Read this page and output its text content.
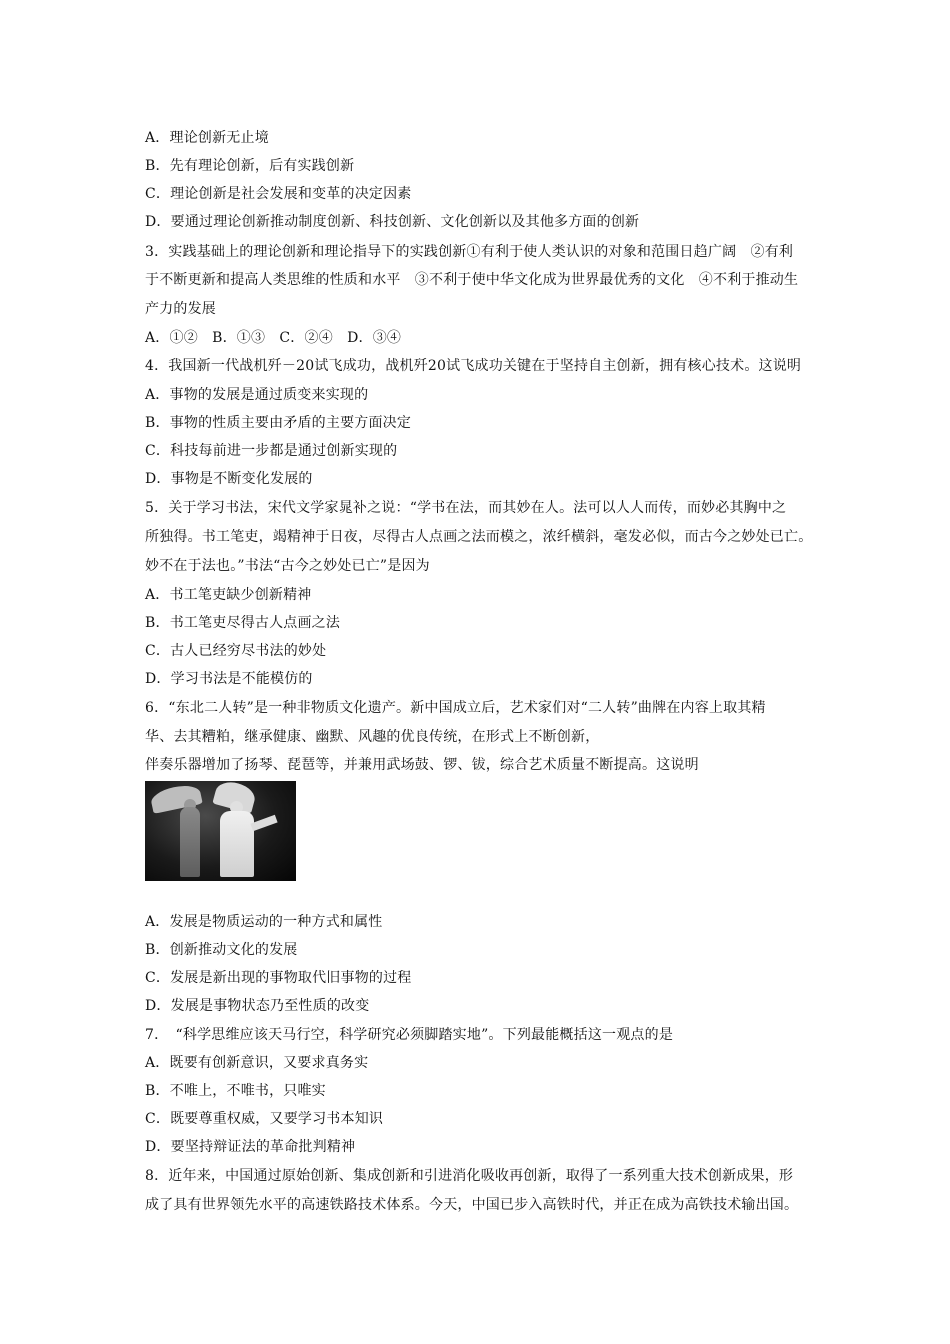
A．理论创新无止境
B．先有理论创新，后有实践创新
C．理论创新是社会发展和变革的决定因素
D．要通过理论创新推动制度创新、科技创新、文化创新以及其他多方面的创新
3．实践基础上的理论创新和理论指导下的实践创新①有利于使人类认识的对象和范围日趋广阔　②有利
于不断更新和提高人类思维的性质和水平　③不利于使中华文化成为世界最优秀的文化　④不利于推动生
产力的发展
A．①②　B．①③　C．②④　D．③④
4．我国新一代战机歼－20试飞成功，战机歼20试飞成功关键在于坚持自主创新，拥有核心技术。这说明
A．事物的发展是通过质变来实现的
B．事物的性质主要由矛盾的主要方面决定
C．科技每前进一步都是通过创新实现的
D．事物是不断变化发展的
5．关于学习书法，宋代文学家晁补之说：“学书在法，而其妙在人。法可以人人而传，而妙必其胸中之
所独得。书工笔吏，竭精神于日夜，尽得古人点画之法而模之，浓纤横斜，毫发必似，而古今之妙处已亡。
妙不在于法也。”书法“古今之妙处已亡”是因为
A．书工笔吏缺少创新精神
B．书工笔吏尽得古人点画之法
C．古人已经穷尽书法的妙处
D．学习书法是不能模仿的
6．“东北二人转”是一种非物质文化遗产。新中国成立后，艺术家们对“二人转”曲牌在内容上取其精
华、去其糟粕，继承健康、幽默、风趣的优良传统，在形式上不断创新，
伴奏乐器增加了扬琴、琵琶等，并兼用武场鼓、锣、钹，综合艺术质量不断提高。这说明
A．发展是物质运动的一种方式和属性
B．创新推动文化的发展
C．发展是新出现的事物取代旧事物的过程
D．发展是事物状态乃至性质的改变
7．　“科学思维应该天马行空，科学研究必须脚踏实地”。下列最能概括这一观点的是
A．既要有创新意识，又要求真务实
B．不唯上，不唯书，只唯实
C．既要尊重权威，又要学习书本知识
D．要坚持辩证法的革命批判精神
8．近年来，中国通过原始创新、集成创新和引进消化吸收再创新，取得了一系列重大技术创新成果，形
成了具有世界领先水平的高速铁路技术体系。今天，中国已步入高铁时代，并正在成为高铁技术输出国。
